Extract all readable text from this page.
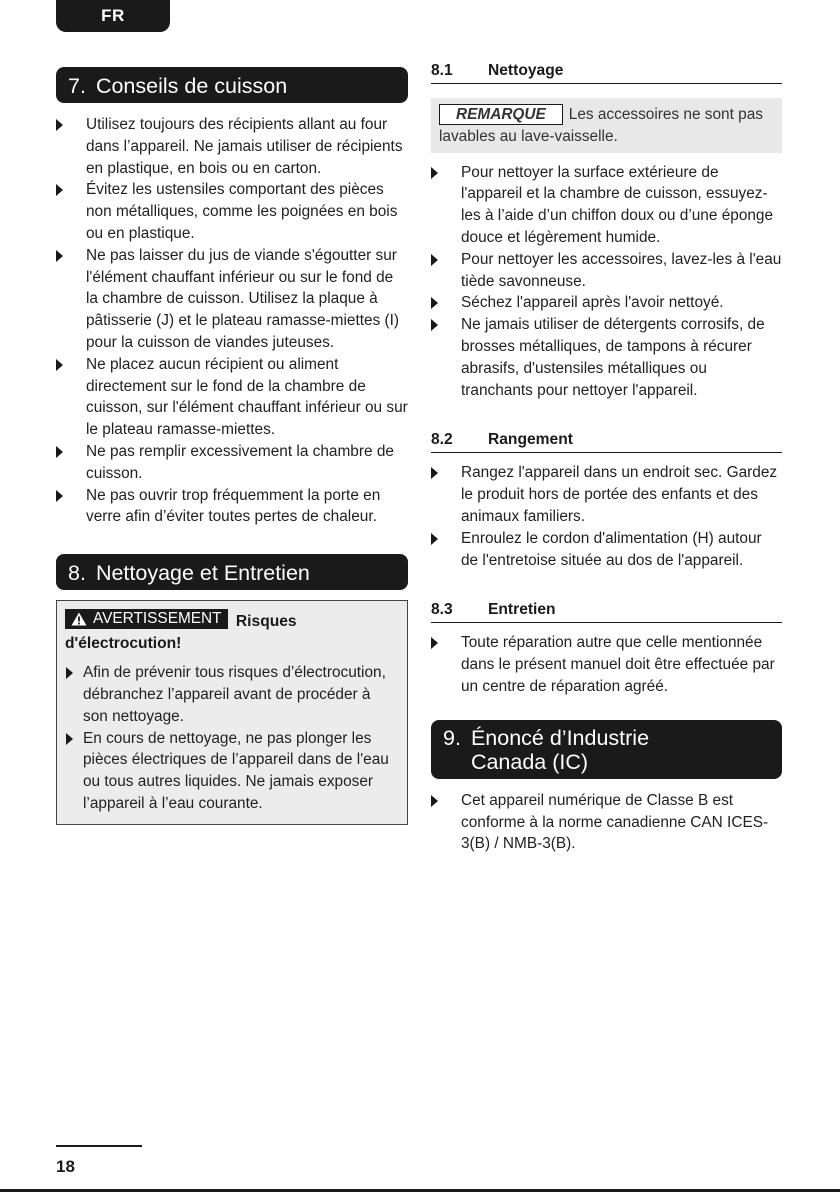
FR
7. Conseils de cuisson
Utilisez toujours des récipients allant au four dans l’appareil. Ne jamais utiliser de récipients en plastique, en bois ou en carton.
Évitez les ustensiles comportant des pièces non métalliques, comme les poignées en bois ou en plastique.
Ne pas laisser du jus de viande s'égoutter sur l'élément chauffant inférieur ou sur le fond de la chambre de cuisson. Utilisez la plaque à pâtisserie (J) et le plateau ramasse-miettes (I) pour la cuisson de viandes juteuses.
Ne placez aucun récipient ou aliment directement sur le fond de la chambre de cuisson, sur l'élément chauffant inférieur ou sur le plateau ramasse-miettes.
Ne pas remplir excessivement la chambre de cuisson.
Ne pas ouvrir trop fréquemment la porte en verre afin d’éviter toutes pertes de chaleur.
8. Nettoyage et Entretien
AVERTISSEMENT Risques
d'électrocution!
Afin de prévenir tous risques d’électrocution, débranchez l’appareil avant de procéder à son nettoyage.
En cours de nettoyage, ne pas plonger les pièces électriques de l’appareil dans de l'eau ou tous autres liquides. Ne jamais exposer l’appareil à l’eau courante.
8.1	Nettoyage
REMARQUE Les accessoires ne sont pas lavables au lave-vaisselle.
Pour nettoyer la surface extérieure de l'appareil et la chambre de cuisson, essuyez-les à l’aide d’un chiffon doux ou d’une éponge douce et légèrement humide.
Pour nettoyer les accessoires, lavez-les à l'eau tiède savonneuse.
Séchez l'appareil après l'avoir nettoyé.
Ne jamais utiliser de détergents corrosifs, de brosses métalliques, de tampons à récurer abrasifs, d'ustensiles métalliques ou tranchants pour nettoyer l'appareil.
8.2	Rangement
Rangez l'appareil dans un endroit sec. Gardez le produit hors de portée des enfants et des animaux familiers.
Enroulez le cordon d'alimentation (H) autour de l'entretoise située au dos de l'appareil.
8.3	Entretien
Toute réparation autre que celle mentionnée dans le présent manuel doit être effectuée par un centre de réparation agréé.
9. Énoncé d’Industrie
Canada (IC)
Cet appareil numérique de Classe B est conforme à la norme canadienne CAN ICES-3(B) / NMB-3(B).
18
